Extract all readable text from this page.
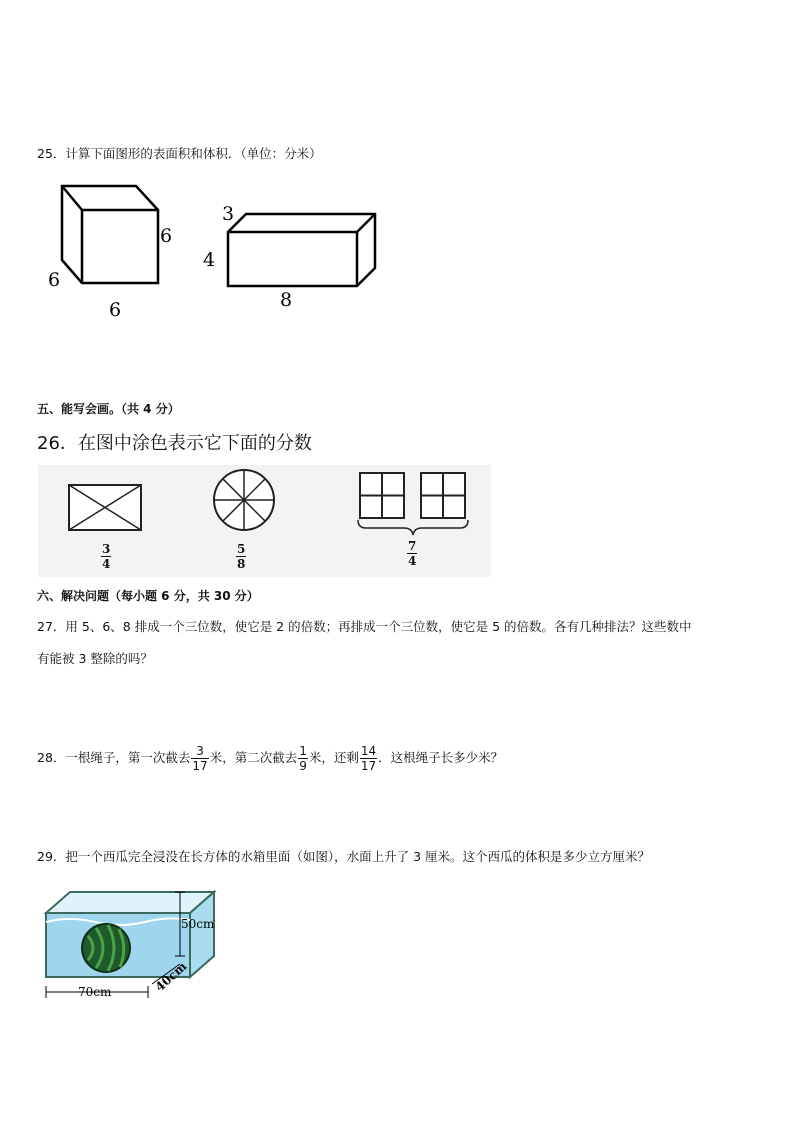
25．计算下面图形的表面积和体积．（单位：分米）
6
6
6
3
4
8
五、能写会画。（共 4 分）
26．在图中涂色表示它下面的分数
$\frac{3}{4}$	$\frac{5}{8}$	$\frac{7}{4}$
六、解决问题（每小题 6 分，共 30 分）
27．用 5、6、8 排成一个三位数，使它是 2 的倍数；再排成一个三位数，使它是 5 的倍数。各有几种排法？这些数中
有能被 3 整除的吗？
28．一根绳子，第一次截去 $\frac{3}{17}$ 米，第二次截去 $\frac{1}{9}$ 米，还剩 $\frac{14}{17}$ ．这根绳子长多少米？
29．把一个西瓜完全浸没在长方体的水箱里面（如图），水面上升了 3 厘米。这个西瓜的体积是多少立方厘米？
50cm
70cm	40cm
